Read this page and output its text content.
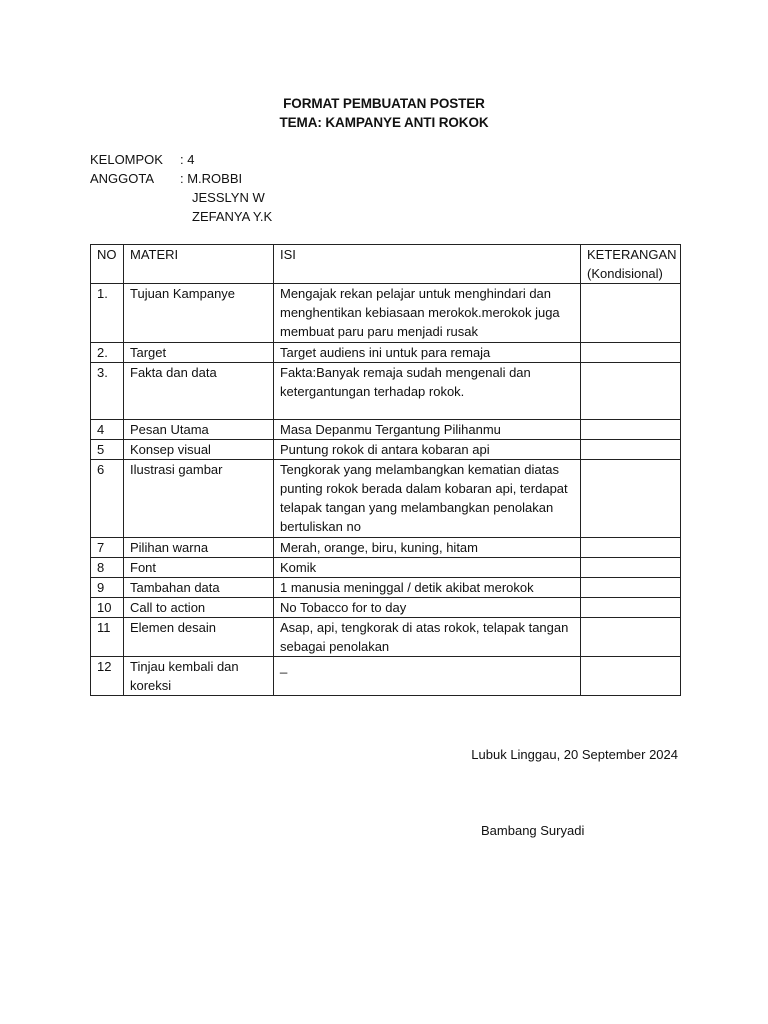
FORMAT PEMBUATAN POSTER
TEMA: KAMPANYE ANTI ROKOK
KELOMPOK : 4
ANGGOTA : M.ROBBI
JESSLYN W
ZEFANYA Y.K
NO	MATERI	ISI	KETERANGAN (Kondisional)
1.	Tujuan Kampanye	Mengajak rekan pelajar untuk menghindari dan menghentikan kebiasaan merokok.merokok juga membuat paru paru menjadi rusak	
2.	Target	Target audiens ini untuk para remaja	
3.	Fakta dan data	Fakta:Banyak remaja sudah mengenali dan ketergantungan terhadap rokok.	
4	Pesan Utama	Masa Depanmu Tergantung Pilihanmu	
5	Konsep visual	Puntung rokok di antara kobaran api	
6	Ilustrasi gambar	Tengkorak yang melambangkan kematian diatas punting rokok berada dalam kobaran api, terdapat telapak tangan yang melambangkan penolakan bertuliskan no	
7	Pilihan warna	Merah, orange, biru, kuning, hitam	
8	Font	Komik	
9	Tambahan data	1 manusia meninggal / detik akibat merokok	
10	Call to action	No Tobacco for to day	
11	Elemen desain	Asap, api, tengkorak di atas rokok, telapak tangan sebagai penolakan	
12	Tinjau kembali dan koreksi	_	
Lubuk Linggau, 20 September 2024
Bambang Suryadi
